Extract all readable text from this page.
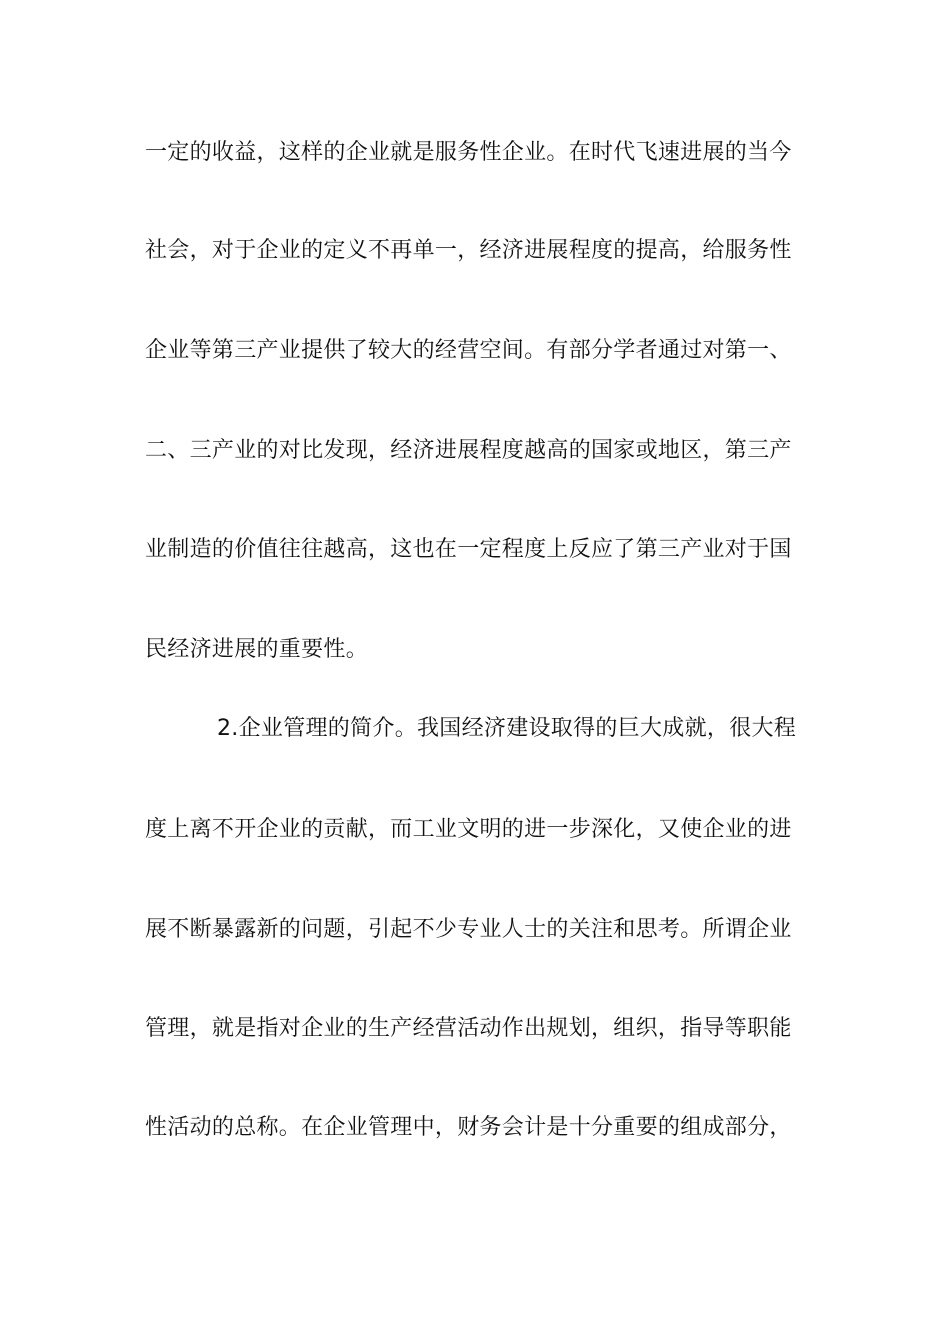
一定的收益，这样的企业就是服务性企业。在时代飞速进展的当今
社会，对于企业的定义不再单一，经济进展程度的提高，给服务性
企业等第三产业提供了较大的经营空间。有部分学者通过对第一、
二、三产业的对比发现，经济进展程度越高的国家或地区，第三产
业制造的价值往往越高，这也在一定程度上反应了第三产业对于国
民经济进展的重要性。
2.企业管理的简介。我国经济建设取得的巨大成就，很大程
度上离不开企业的贡献，而工业文明的进一步深化，又使企业的进
展不断暴露新的问题，引起不少专业人士的关注和思考。所谓企业
管理，就是指对企业的生产经营活动作出规划，组织，指导等职能
性活动的总称。在企业管理中，财务会计是十分重要的组成部分，
